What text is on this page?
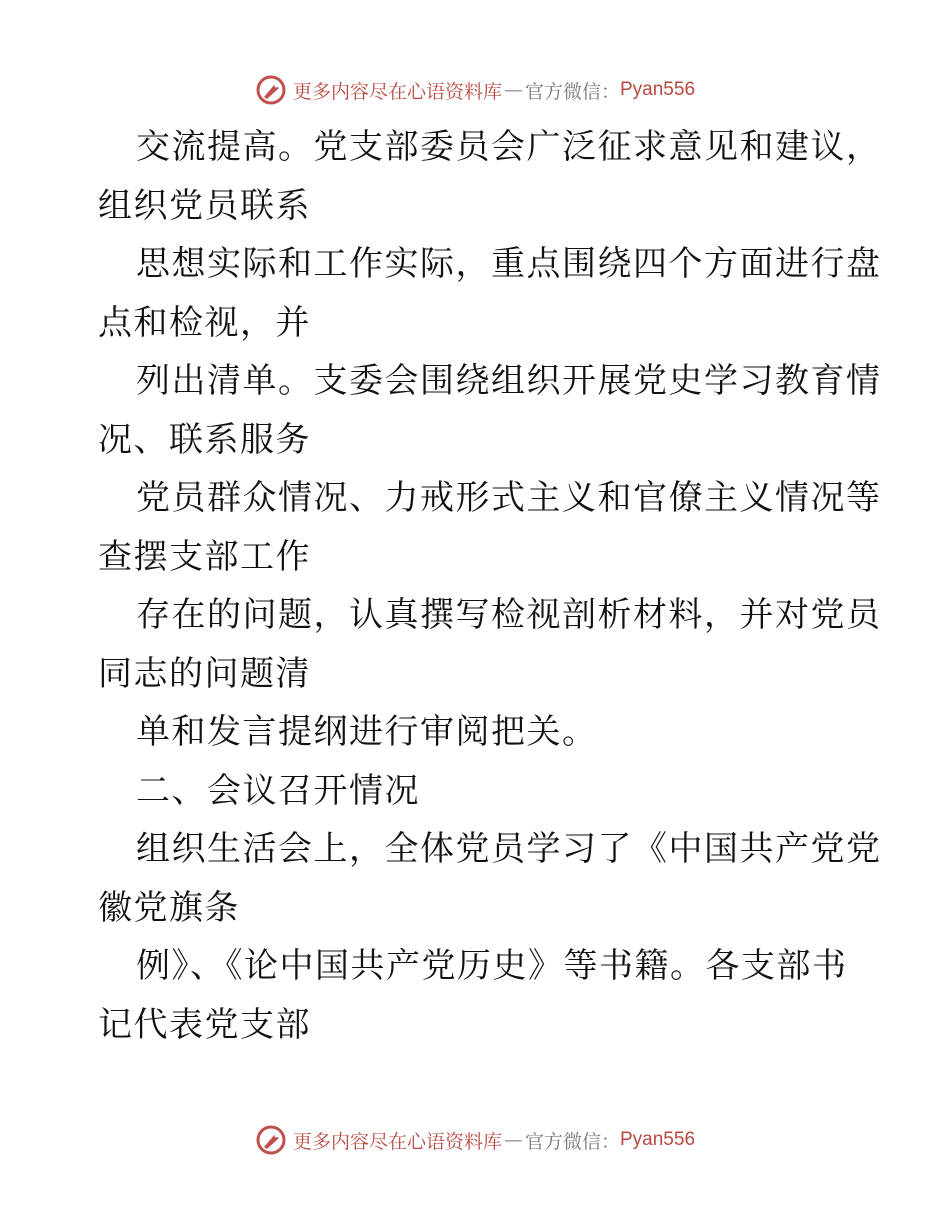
更多内容尽在心语资料库 — 官方微信： Pyan556
交流提高。党支部委员会广泛征求意见和建议，
组织党员联系
思想实际和工作实际，重点围绕四个方面进行盘
点和检视，并
列出清单。支委会围绕组织开展党史学习教育情
况、联系服务
党员群众情况、力戒形式主义和官僚主义情况等
查摆支部工作
存在的问题，认真撰写检视剖析材料，并对党员
同志的问题清
单和发言提纲进行审阅把关。
二、会议召开情况
组织生活会上，全体党员学习了《中国共产党党
徽党旗条
例》、《论中国共产党历史》等书籍。各支部书
记代表党支部
更多内容尽在心语资料库 — 官方微信： Pyan556
